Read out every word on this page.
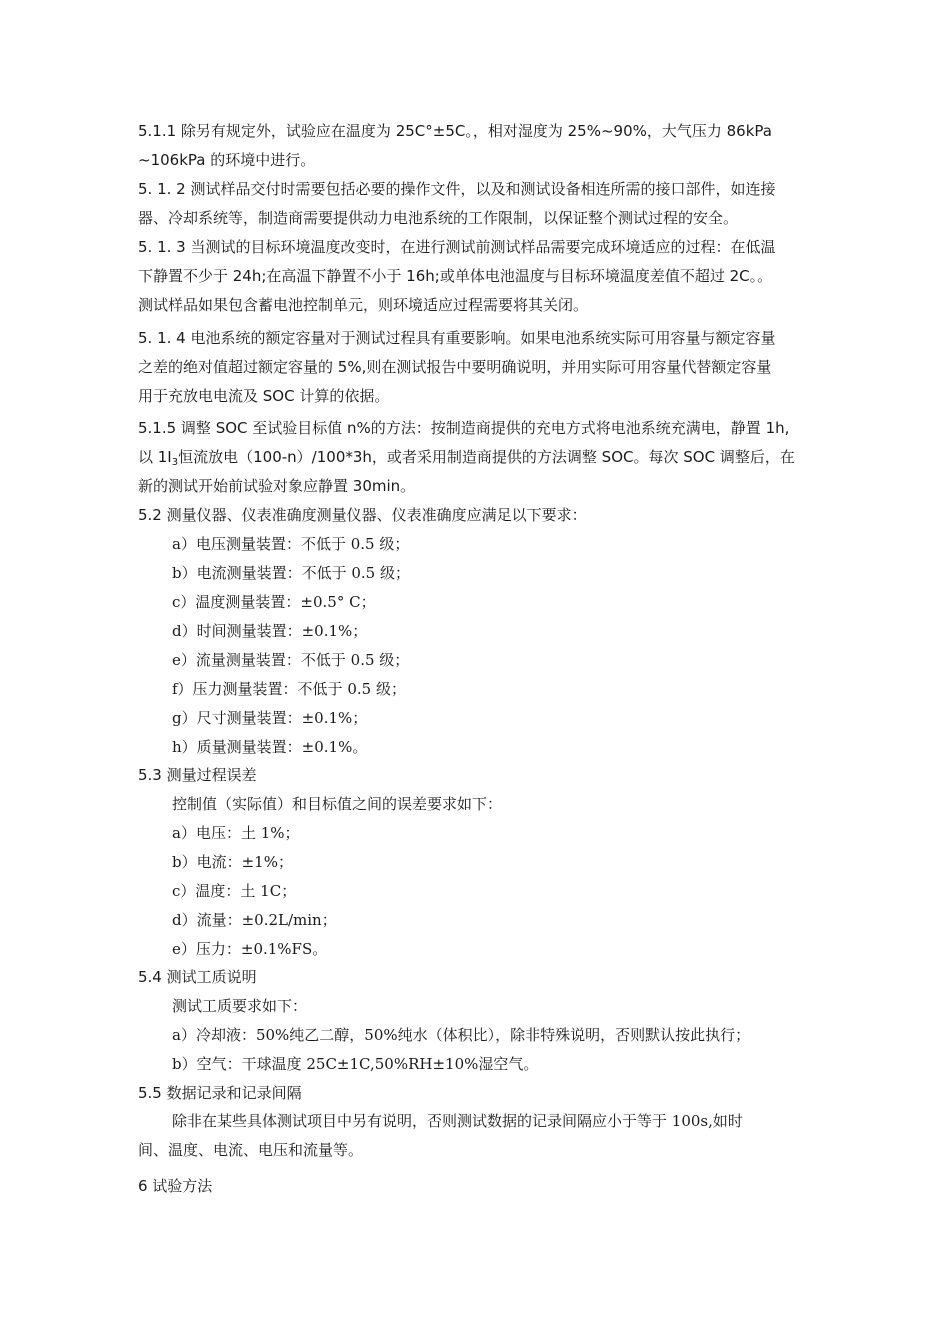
5.1.1 除另有规定外，试验应在温度为 25C°±5C。，相对湿度为 25%~90%，大气压力 86kPa
~106kPa 的环境中进行。
5. 1. 2 测试样品交付时需要包括必要的操作文件，以及和测试设备相连所需的接口部件，如连接
器、冷却系统等，制造商需要提供动力电池系统的工作限制，以保证整个测试过程的安全。
5. 1. 3 当测试的目标环境温度改变时，在进行测试前测试样品需要完成环境适应的过程：在低温
下静置不少于 24h;在高温下静置不小于 16h;或单体电池温度与目标环境温度差值不超过 2C。。
测试样品如果包含蓄电池控制单元，则环境适应过程需要将其关闭。
5. 1. 4 电池系统的额定容量对于测试过程具有重要影响。如果电池系统实际可用容量与额定容量
之差的绝对值超过额定容量的 5%,则在测试报告中要明确说明，并用实际可用容量代替额定容量
用于充放电电流及 SOC 计算的依据。
5.1.5 调整 SOC 至试验目标值 n%的方法：按制造商提供的充电方式将电池系统充满电，静置 1h,
以 $1I_3$恒流放电（100-n）/100*3h，或者采用制造商提供的方法调整 SOC。每次 SOC 调整后，在
新的测试开始前试验对象应静置 30min。
5.2 测量仪器、仪表准确度测量仪器、仪表准确度应满足以下要求：
a）电压测量装置：不低于 0.5 级；
b）电流测量装置：不低于 0.5 级；
c）温度测量装置：±0.5° C；
d）时间测量装置：±0.1%；
e）流量测量装置：不低于 0.5 级；
f）压力测量装置：不低于 0.5 级；
g）尺寸测量装置：±0.1%；
h）质量测量装置：±0.1%。
5.3 测量过程误差
控制值（实际值）和目标值之间的误差要求如下：
a）电压：土 1%；
b）电流：±1%；
c）温度：土 1C；
d）流量：±0.2L/min；
e）压力：±0.1%FS。
5.4 测试工质说明
测试工质要求如下：
a）冷却液：50%纯乙二醇，50%纯水（体积比），除非特殊说明，否则默认按此执行；
b）空气：干球温度 25C±1C,50%RH±10%湿空气。
5.5 数据记录和记录间隔
除非在某些具体测试项目中另有说明，否则测试数据的记录间隔应小于等于 100s,如时
间、温度、电流、电压和流量等。
6 试验方法
